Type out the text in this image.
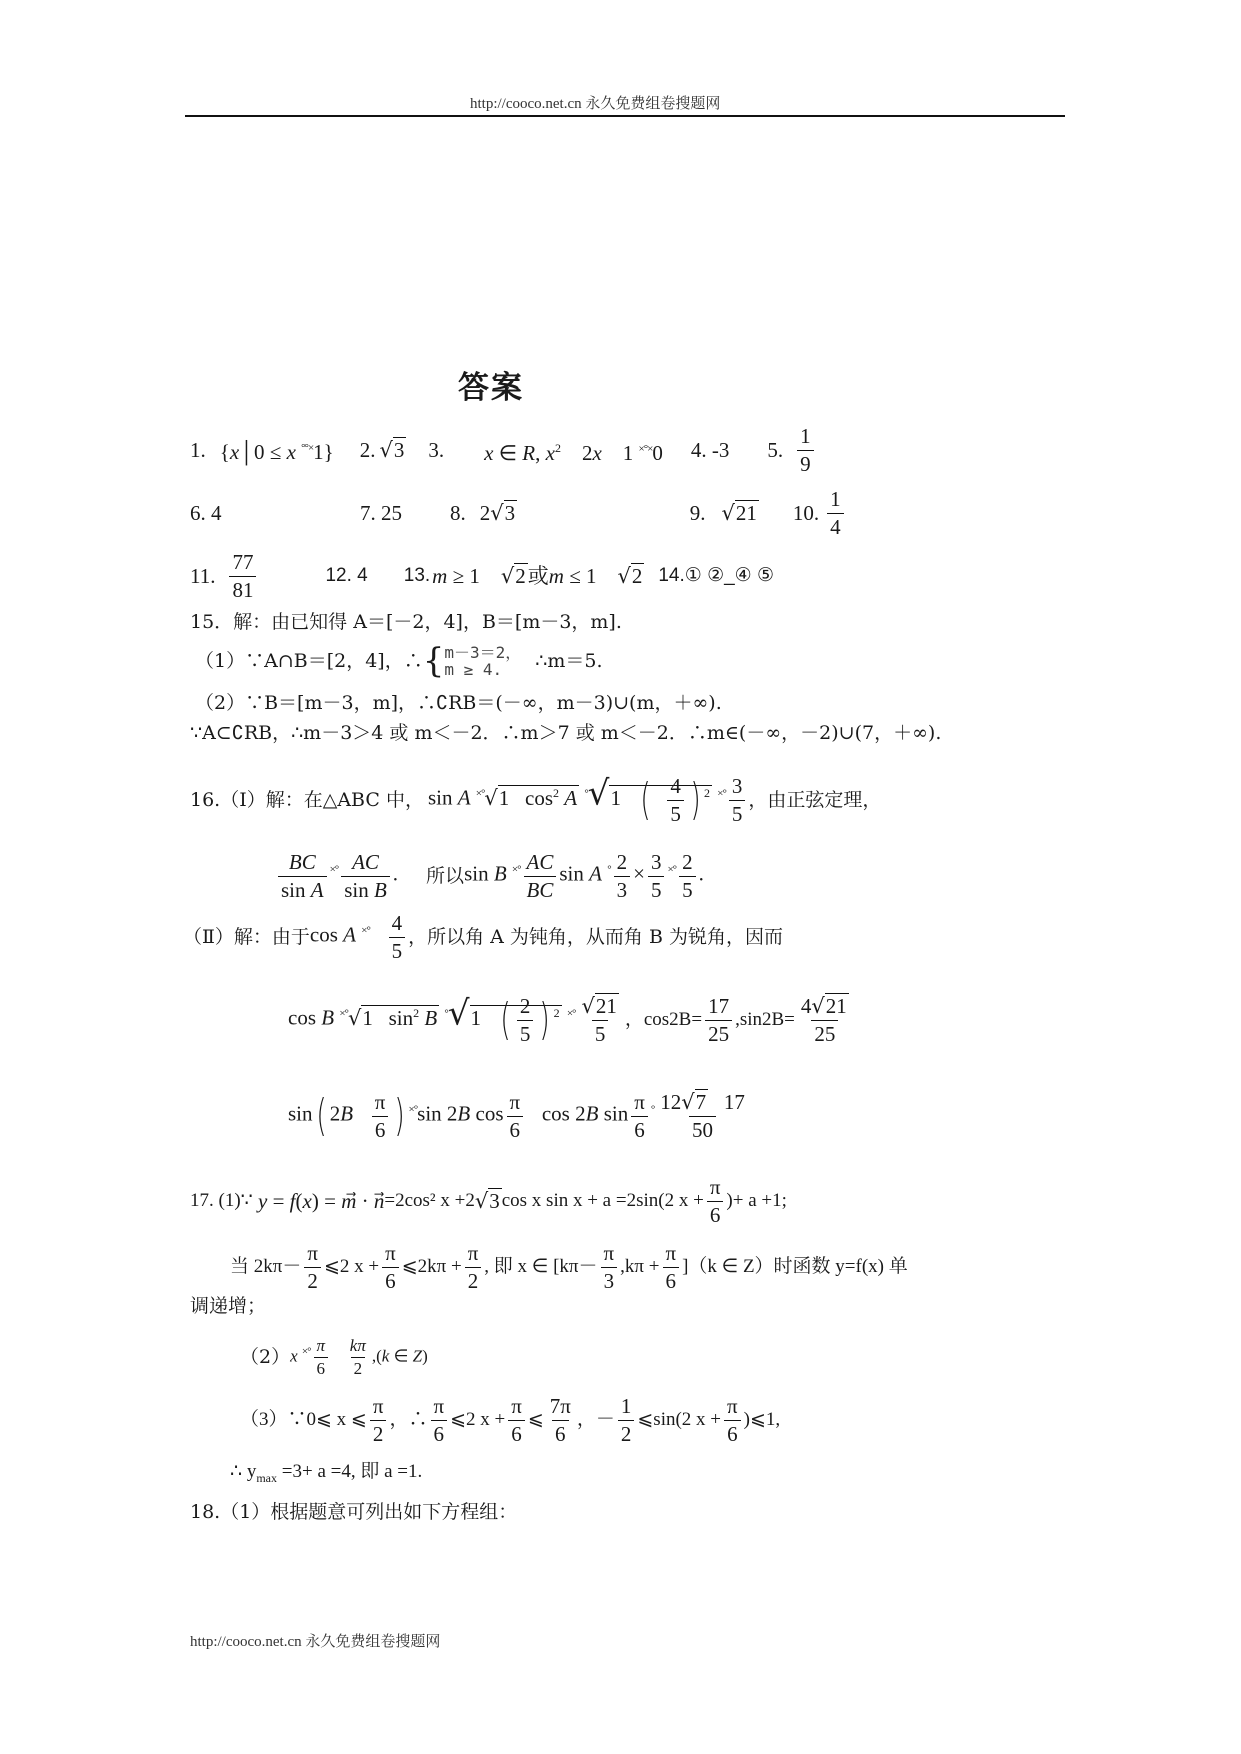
http://cooco.net.cn 永久免费组卷搜题网
答案
1. {x│0 ≤ x °°×1} 2. √3 3. x ∈ R, $x^2$    2x    1 ×°×0 4. -3 5. $\frac{1}{9}$
6. 4	7. 25	8. 2√3	9. √21 10. $\frac{1}{4}$
11. $\frac{77}{81}$	12. 4 13. m ≥ 1    √2或m ≤ 1    √2 14.① ②_④ ⑤
15．解：由已知得 A＝[－2，4]，B＝[m－3，m].
（1）∵A∩B＝[2，4]，∴ { m－3＝2，
m ≥ 4.	∴m＝5.
（2）∵B＝[m－3，m]，∴∁RB＝(－∞，m－3)∪(m，＋∞).
∵A⊂∁RB，∴m－3＞4 或 m＜－2．∴m＞7 或 m＜－2．∴m∈(－∞，－2)∪(7，＋∞).
16.（Ⅰ）解：在△ABC 中， sin A ×°√1   $\cos^2 A$ °√1   ( $\frac{4}{5}$ ) $^2$ $^{\times^\circ} \frac{3}{5}$ ，由正弦定理，
$\frac{BC}{\text{sin A}} ^{\times^\circ} \frac{AC}{\text{sin B}}$ . 所以 sin B $^{\times^\circ} \frac{AC}{BC}$ sin A $^\circ \frac{2}{3} \times \frac{3}{5} ^{\times^\circ} \frac{2}{5}$ .
（Ⅱ）解：由于 cos A $^{\times^\circ} \frac{4}{5}$ ，所以角 A 为钝角，从而角 B 为锐角，因而
cos B ×°√1   $\sin^2 B$ °√1   ( $\frac{2}{5}$ ) $^2$ $^{\times^\circ} \frac{√21}{5}$ ，$\cos 2B= \frac{17}{25} ,\sin 2B= \frac{4√21}{25}$
sin( $2B \frac{\pi}{6}$ ) ×°sin 2B $\cos \frac{\pi}{6}$ cos 2B $\sin \frac{\pi}{6} ^\circ \frac{12√7 17}{50}$
17. (1)∵ y = f(x) = m⃗ · n =2cos² x +2 √3 cos x sin x + a =2sin(2 $x + \frac{\pi}{6}$ )+ a +1;
当 $2k\pi- \frac{\pi}{2}$ ⩽2 $x + \frac{\pi}{6}$ ⩽2kπ + $\frac{\pi}{2}$ , 即 x ∈ $[k\pi- \frac{\pi}{3} ,k\pi + \frac{\pi}{6} ](k$ ∈ Z）时函数 y=f(x) 单
调递增；
（2） x $^{\times^\circ} \frac{\pi}{6}$
$\frac{k\pi}{2} ,(k$ ∈ Z)
（3）∵0⩽ x ⩽ $\frac{\pi}{2}$ ，∴ $\frac{\pi}{6}$ ⩽2 $x + \frac{\pi}{6}$ ⩽ $\frac{7\pi}{6}$ ，－ $\frac{1}{2}$ ⩽sin(2 $x + \frac{\pi}{6}$ )⩽1,
∴ $y_{max} =3+ a =4$, 即 a =1.
18.（1）根据题意可列出如下方程组：
http://cooco.net.cn 永久免费组卷搜题网
